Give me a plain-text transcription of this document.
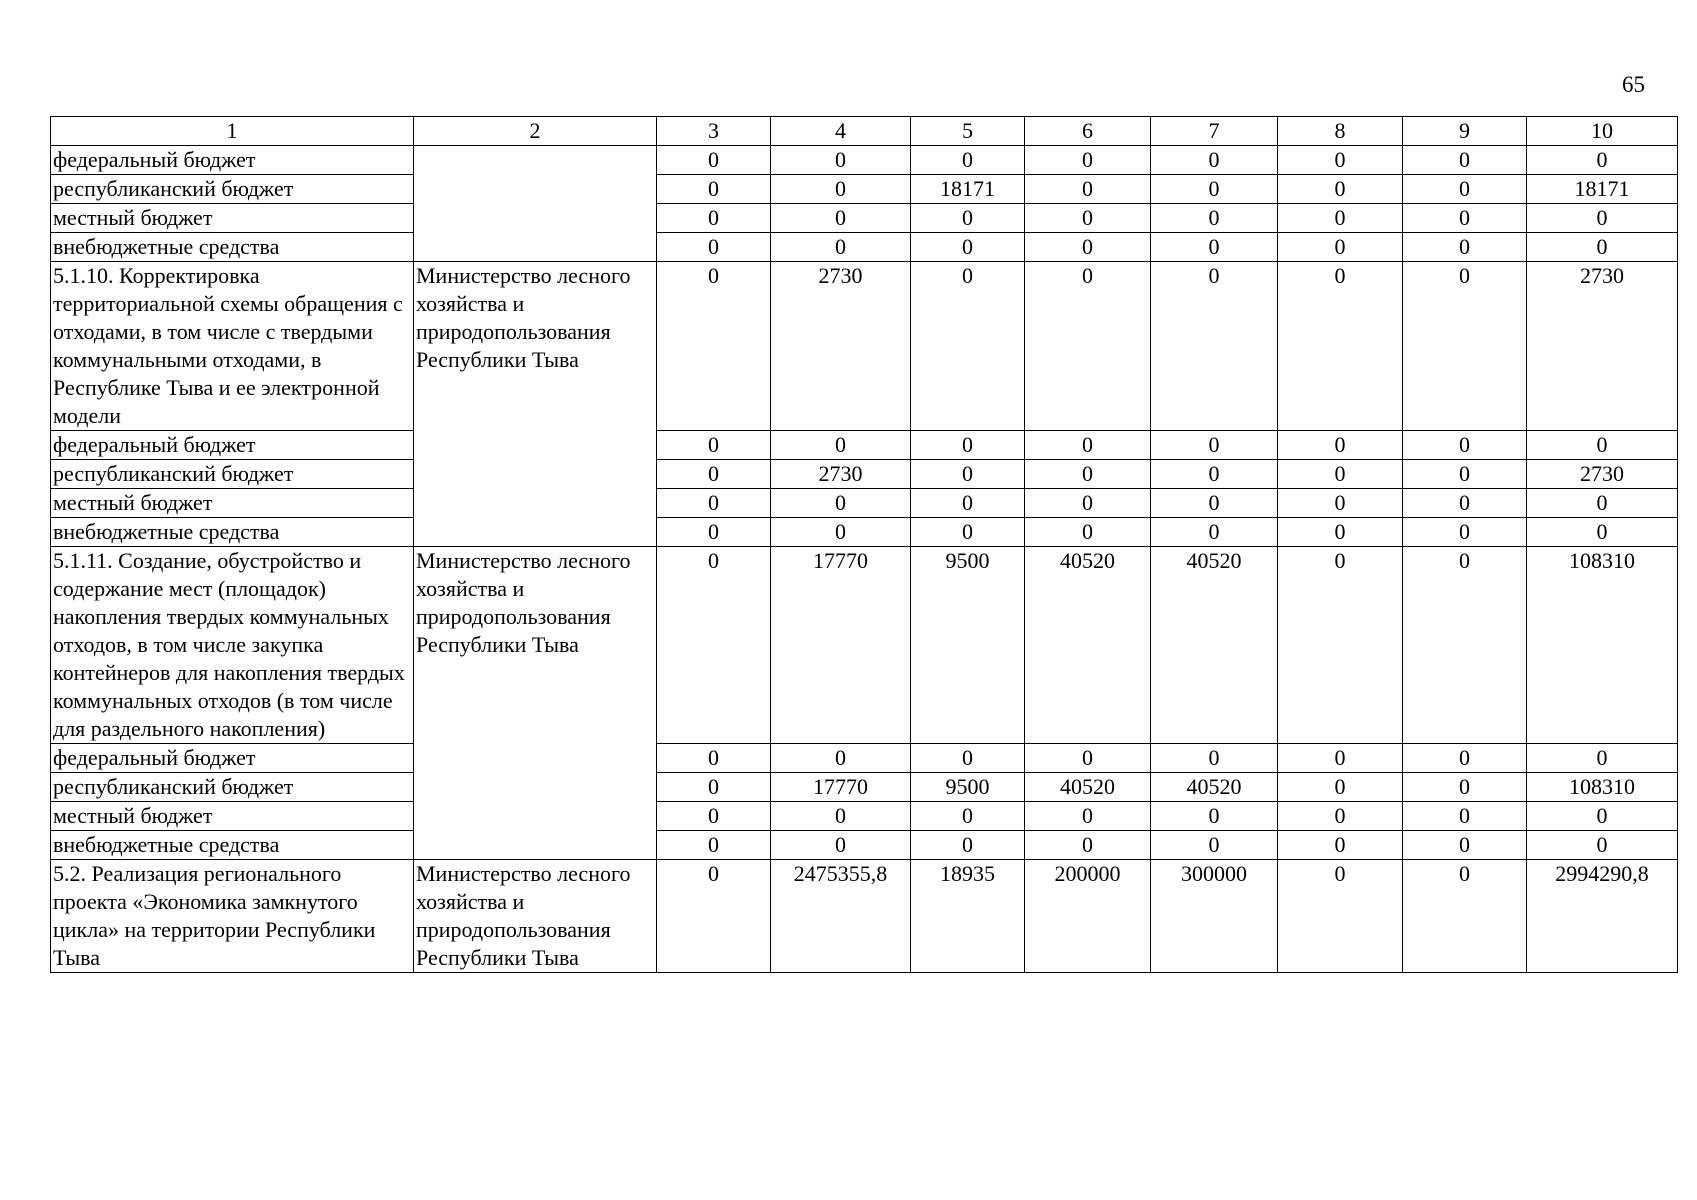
65
1	2	3	4	5	6	7	8	9	10
федеральный бюджет		0	0	0	0	0	0	0	0
республиканский бюджет		0	0	18171	0	0	0	0	18171
местный бюджет		0	0	0	0	0	0	0	0
внебюджетные средства		0	0	0	0	0	0	0	0
5.1.10. Корректировка территориальной схемы обращения с отходами, в том числе с твердыми коммунальными отходами, в Республике Тыва и ее электронной модели	Министерство лесного хозяйства и природопользования Республики Тыва	0	2730	0	0	0	0	0	2730
федеральный бюджет		0	0	0	0	0	0	0	0
республиканский бюджет		0	2730	0	0	0	0	0	2730
местный бюджет		0	0	0	0	0	0	0	0
внебюджетные средства		0	0	0	0	0	0	0	0
5.1.11. Создание, обустройство и содержание мест (площадок) накопления твердых коммунальных отходов, в том числе закупка контейнеров для накопления твердых коммунальных отходов (в том числе для раздельного накопления)	Министерство лесного хозяйства и природопользования Республики Тыва	0	17770	9500	40520	40520	0	0	108310
федеральный бюджет		0	0	0	0	0	0	0	0
республиканский бюджет		0	17770	9500	40520	40520	0	0	108310
местный бюджет		0	0	0	0	0	0	0	0
внебюджетные средства		0	0	0	0	0	0	0	0
5.2. Реализация регионального проекта «Экономика замкнутого цикла» на территории Республики Тыва	Министерство лесного хозяйства и природопользования Республики Тыва	0	2475355,8	18935	200000	300000	0	0	2994290,8
